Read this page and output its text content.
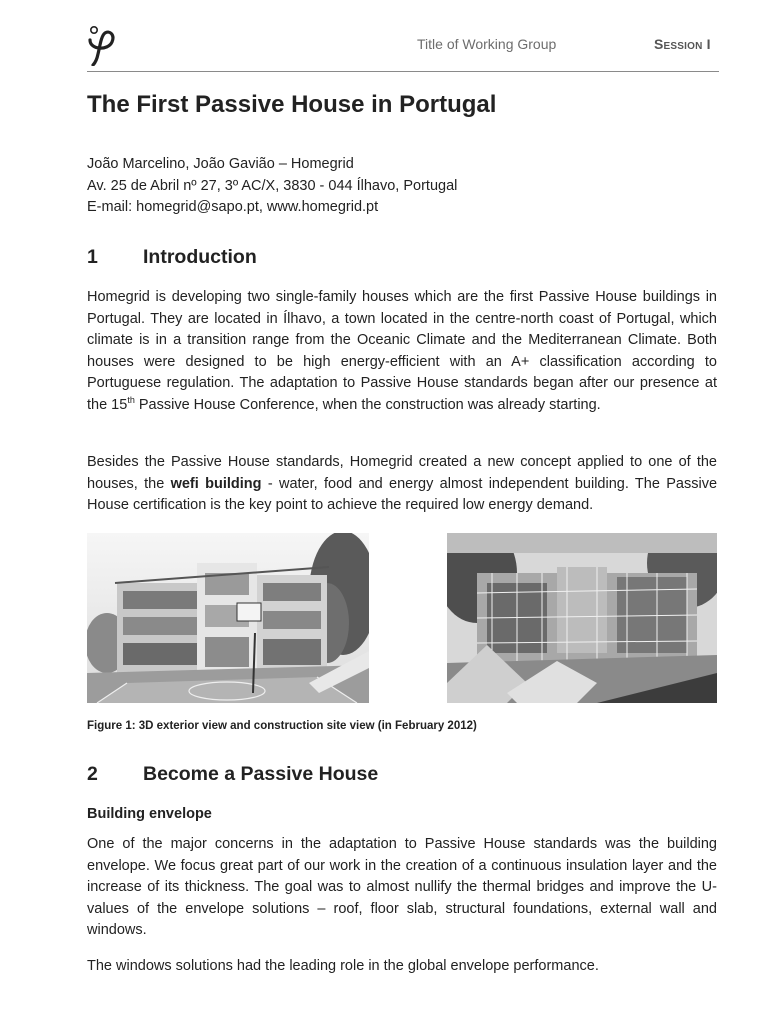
Title of Working Group	Session I
The First Passive House in Portugal
João Marcelino, João Gavião – Homegrid
Av. 25 de Abril nº 27, 3º AC/X, 3830 - 044 Ílhavo, Portugal
E-mail: homegrid@sapo.pt, www.homegrid.pt
1 Introduction
Homegrid is developing two single-family houses which are the first Passive House buildings in Portugal. They are located in Ílhavo, a town located in the centre-north coast of Portugal, which climate is in a transition range from the Oceanic Climate and the Mediterranean Climate. Both houses were designed to be high energy-efficient with an A+ classification according to Portuguese regulation. The adaptation to Passive House standards began after our presence at the 15th Passive House Conference, when the construction was already starting.
Besides the Passive House standards, Homegrid created a new concept applied to one of the houses, the wefi building - water, food and energy almost independent building. The Passive House certification is the key point to achieve the required low energy demand.
Figure 1: 3D exterior view and construction site view (in February 2012)
2 Become a Passive House
Building envelope
One of the major concerns in the adaptation to Passive House standards was the building envelope. We focus great part of our work in the creation of a continuous insulation layer and the increase of its thickness. The goal was to almost nullify the thermal bridges and improve the U-values of the envelope solutions – roof, floor slab, structural foundations, external wall and windows.
The windows solutions had the leading role in the global envelope performance.
